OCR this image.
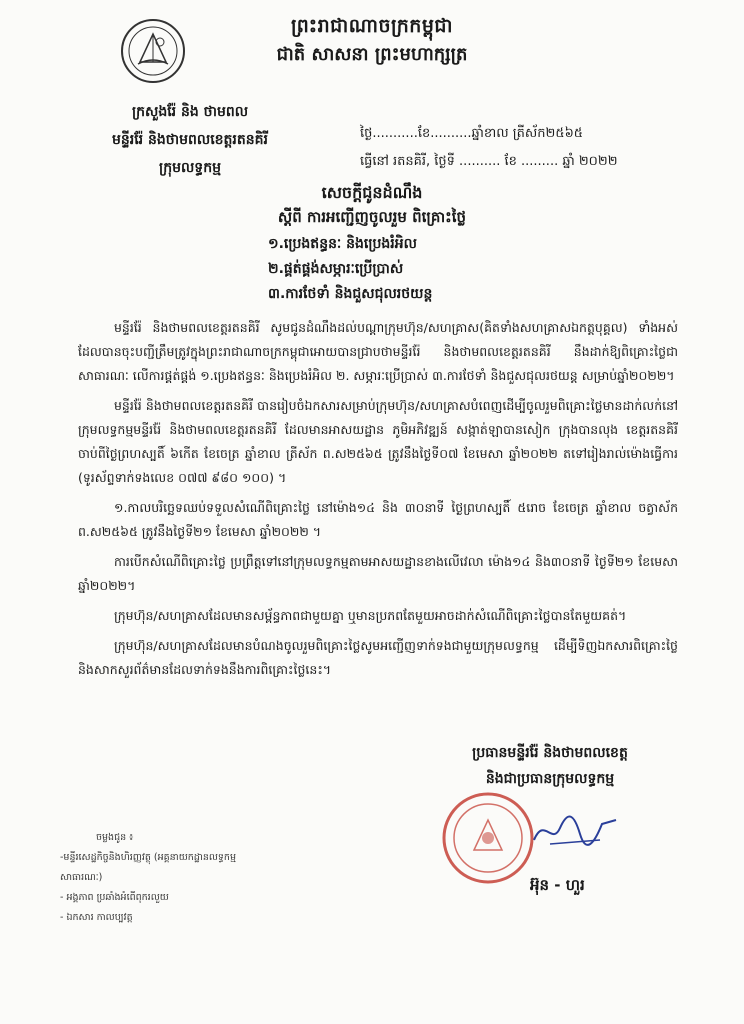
ព្រះរាជាណាចក្រកម្ពុជា
ជាតិ សាសនា ព្រះមហាក្សត្រ
ក្រសួងរ៉ែ និង ថាមពល
មន្ទីររ៉ែ និងថាមពលខេត្តរតនគិរី
ក្រុមលទ្ធកម្ម
ថ្ងៃ...........ខែ..........ឆ្នាំខាល ត្រីស័ក២៥៦៥
ធ្វើនៅ រតនគិរី, ថ្ងៃទី .......... ខែ ......... ឆ្នាំ ២០២២
សេចក្តីជូនដំណឹង
ស្តីពី ការអញ្ជើញចូលរួម ពិគ្រោះថ្លៃ
១.ប្រេងឥន្ធនៈ និងប្រេងរំអិល
២.ផ្គត់ផ្គង់សម្ភារៈប្រើប្រាស់
៣.ការថែទាំ និងជួសជុលរថយន្ត

មន្ទីររ៉ែ និងថាមពលខេត្តរតនគិរី សូមជូនដំណឹងដល់បណ្តាក្រុមហ៊ុន/សហគ្រាស(គិតទាំងសហគ្រាសឯកត្តបុគ្គល) ទាំងអស់ ដែលបានចុះបញ្ជីត្រឹមត្រូវក្នុងព្រះរាជាណាចក្រកម្ពុជាអោយបានជ្រាបថាមន្ទីររ៉ែ និងថាមពលខេត្តរតនគិរី នឹងដាក់ឱ្យពិគ្រោះថ្លៃជាសាធារណៈ លើការផ្គត់ផ្គង់ ១.ប្រេងឥន្ធនៈ និងប្រេងរំអិល ២. សម្ភារៈប្រើប្រាស់ ៣.ការថែទាំ និងជួសជុលរថយន្ត សម្រាប់ឆ្នាំ២០២២។

មន្ទីររ៉ែ និងថាមពលខេត្តរតនគិរី បានរៀបចំឯកសារសម្រាប់ក្រុមហ៊ុន/សហគ្រាសបំពេញដើម្បីចូលរួមពិគ្រោះថ្លៃមានដាក់លក់នៅក្រុមលទ្ធកម្មមន្ទីររ៉ែ និងថាមពលខេត្តរតនគិរី ដែលមានអាសយដ្ឋាន ភូមិអភិវឌ្ឍន៍ សង្កាត់ឡាបានសៀក ក្រុងបានលុង ខេត្តរតនគិរី ចាប់ពីថ្ងៃព្រហស្បតិ៍ ៦កើត ខែចេត្រ ឆ្នាំខាល ត្រីស័ក ព.ស២៥៦៥ ត្រូវនឹងថ្ងៃទី០៧ ខែមេសា ឆ្នាំ២០២២ តទៅរៀងរាល់ម៉ោងធ្វើការ (ទូរស័ព្ទទាក់ទងលេខ ០៧៧ ៩៨០ ១០០) ។

១.កាលបរិច្ឆេទឈប់ទទួលសំណើពិគ្រោះថ្លៃ នៅម៉ោង១៤ និង ៣០នាទី ថ្ងៃព្រហស្បតិ៍ ៥រោច ខែចេត្រ ឆ្នាំខាល ចត្វាស័ក ព.ស២៥៦៥ ត្រូវនឹងថ្ងៃទី២១ ខែមេសា ឆ្នាំ២០២២ ។

ការបើកសំណើពិគ្រោះថ្លៃ ប្រព្រឹត្តទៅនៅក្រុមលទ្ធកម្មតាមអាសយដ្ឋានខាងលើវេលា ម៉ោង១៤ និង៣០នាទី ថ្ងៃទី២១ ខែមេសា ឆ្នាំ២០២២។

ក្រុមហ៊ុន/សហគ្រាសដែលមានសម្ព័ន្ធភាពជាមួយគ្នា ឬមានប្រភពតែមួយអាចដាក់សំណើពិគ្រោះថ្លៃបានតែមួយគត់។

ក្រុមហ៊ុន/សហគ្រាសដែលមានបំណងចូលរួមពិគ្រោះថ្លៃសូមអញ្ជើញទាក់ទងជាមួយក្រុមលទ្ធកម្ម ដើម្បីទិញឯកសារពិគ្រោះថ្លៃនិងសាកសួរព័ត៌មានដែលទាក់ទងនឹងការពិគ្រោះថ្លៃនេះ។

ប្រធានមន្ទីររ៉ែ និងថាមពលខេត្ត
និងជាប្រធានក្រុមលទ្ធកម្ម
អ៊ុន - ហួរ
ចម្លងជូន ៖
-មន្ទីរសេដ្ឋកិច្ចនិងហិរញ្ញវត្ថុ (អគ្គនាយកដ្ឋានលទ្ធកម្ម
សាធារណៈ)
- អង្គភាព ប្រឆាំងអំពើពុករលួយ
- ឯកសារ កាលប្បវត្ត
